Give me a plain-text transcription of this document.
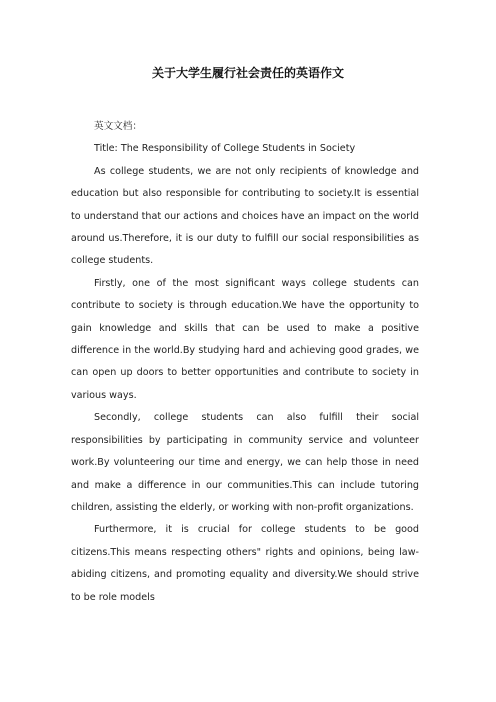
关于大学生履行社会责任的英语作文
英文文档：

Title: The Responsibility of College Students in Society

As college students, we are not only recipients of knowledge and education but also responsible for contributing to society.It is essential to understand that our actions and choices have an impact on the world around us.Therefore, it is our duty to fulfill our social responsibilities as college students.

Firstly, one of the most significant ways college students can contribute to society is through education.We have the opportunity to gain knowledge and skills that can be used to make a positive difference in the world.By studying hard and achieving good grades, we can open up doors to better opportunities and contribute to society in various ways.

Secondly, college students can also fulfill their social responsibilities by participating in community service and volunteer work.By volunteering our time and energy, we can help those in need and make a difference in our communities.This can include tutoring children, assisting the elderly, or working with non-profit organizations.

Furthermore, it is crucial for college students to be good citizens.This means respecting others" rights and opinions, being law-abiding citizens, and promoting equality and diversity.We should strive to be role models
